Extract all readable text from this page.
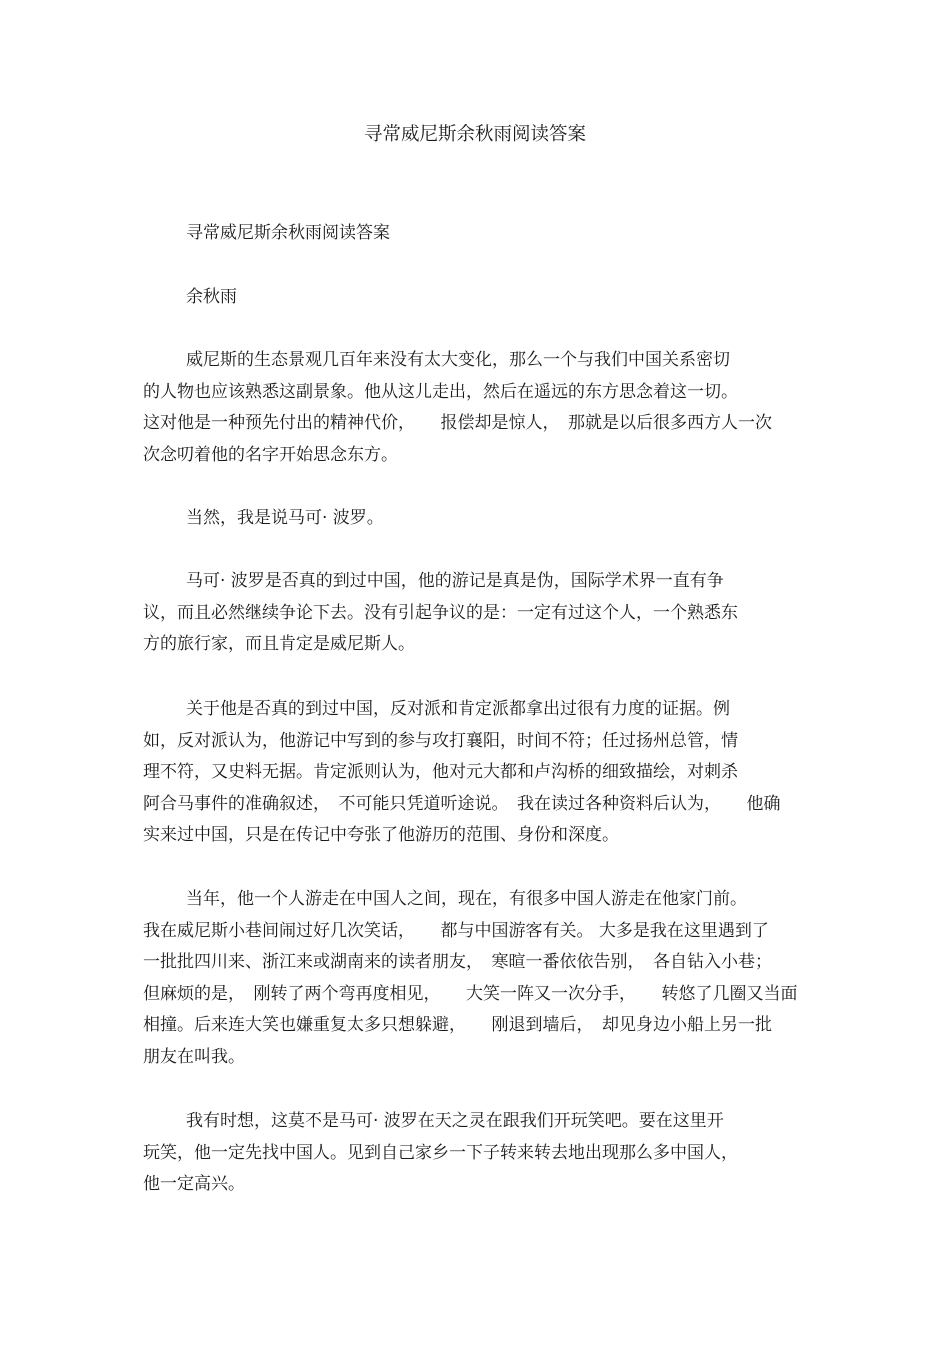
寻常威尼斯余秋雨阅读答案
寻常威尼斯余秋雨阅读答案
余秋雨
威尼斯的生态景观几百年来没有太大变化，那么一个与我们中国关系密切
的人物也应该熟悉这副景象。他从这儿走出，然后在遥远的东方思念着这一切。
这对他是一种预先付出的精神代价，　　报偿却是惊人，　那就是以后很多西方人一次
次念叨着他的名字开始思念东方。
当然，我是说马可· 波罗。
马可· 波罗是否真的到过中国，他的游记是真是伪，国际学术界一直有争
议，而且必然继续争论下去。没有引起争议的是：一定有过这个人，一个熟悉东
方的旅行家，而且肯定是威尼斯人。
关于他是否真的到过中国，反对派和肯定派都拿出过很有力度的证据。例
如，反对派认为，他游记中写到的参与攻打襄阳，时间不符；任过扬州总管，情
理不符，又史料无据。肯定派则认为，他对元大都和卢沟桥的细致描绘，对刺杀
阿合马事件的准确叙述，　不可能只凭道听途说。　我在读过各种资料后认为，　　他确
实来过中国，只是在传记中夸张了他游历的范围、身份和深度。
当年，他一个人游走在中国人之间，现在，有很多中国人游走在他家门前。
我在威尼斯小巷间闹过好几次笑话，　　都与中国游客有关。 大多是我在这里遇到了
一批批四川来、浙江来或湖南来的读者朋友，　寒暄一番依依告别，　各自钻入小巷；
但麻烦的是，　刚转了两个弯再度相见，　　大笑一阵又一次分手，　　转悠了几圈又当面
相撞。后来连大笑也嫌重复太多只想躲避，　　刚退到墙后，　却见身边小船上另一批
朋友在叫我。
我有时想，这莫不是马可· 波罗在天之灵在跟我们开玩笑吧。要在这里开
玩笑，他一定先找中国人。见到自己家乡一下子转来转去地出现那么多中国人，
他一定高兴。
